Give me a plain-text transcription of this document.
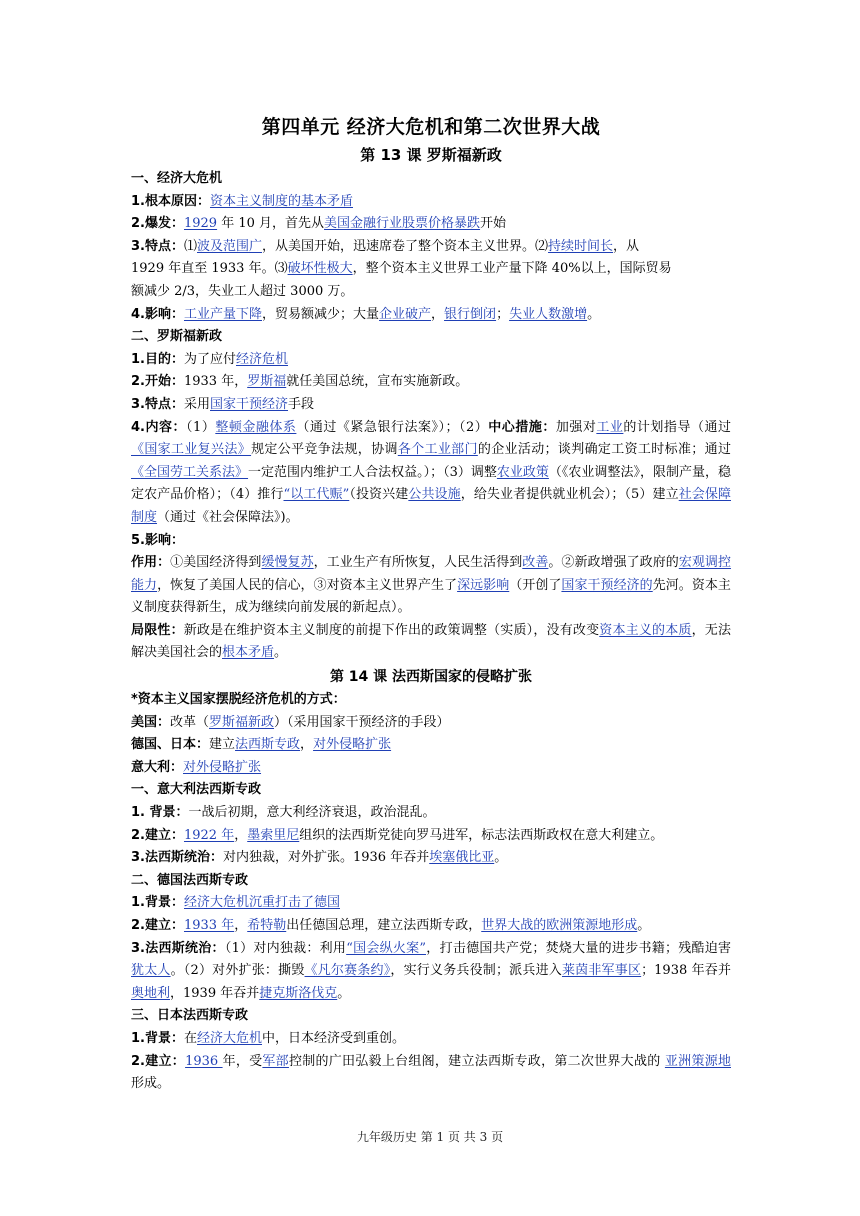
第四单元 经济大危机和第二次世界大战
第 13 课 罗斯福新政
一、经济大危机
1.根本原因：资本主义制度的基本矛盾
2.爆发：1929 年 10 月，首先从美国金融行业股票价格暴跌开始
3.特点：⑴波及范围广，从美国开始，迅速席卷了整个资本主义世界。⑵持续时间长，从
1929 年直至 1933 年。⑶破坏性极大，整个资本主义世界工业产量下降 40%以上，国际贸易
额减少 2/3，失业工人超过 3000 万。
4.影响：工业产量下降，贸易额减少；大量企业破产，银行倒闭；失业人数激增。
二、罗斯福新政
1.目的：为了应付经济危机
2.开始：1933 年，罗斯福就任美国总统，宣布实施新政。
3.特点：采用国家干预经济手段
4.内容：（1）整顿金融体系（通过《紧急银行法案》）；（2）中心措施：加强对工业的计划指导（通过《国家工业复兴法》规定公平竞争法规，协调各个工业部门的企业活动；谈判确定工资工时标准；通过《全国劳工关系法》一定范围内维护工人合法权益。）；（3）调整农业政策（《农业调整法》，限制产量，稳定农产品价格）；（4）推行“以工代赈”（投资兴建公共设施，给失业者提供就业机会）；（5）建立社会保障制度（通过《社会保障法》)。
5.影响：
作用：①美国经济得到缓慢复苏，工业生产有所恢复，人民生活得到改善。②新政增强了政府的宏观调控能力，恢复了美国人民的信心，③对资本主义世界产生了深远影响（开创了国家干预经济的先河。资本主义制度获得新生，成为继续向前发展的新起点）。
局限性：新政是在维护资本主义制度的前提下作出的政策调整（实质），没有改变资本主义的本质，无法解决美国社会的根本矛盾。
第 14 课 法西斯国家的侵略扩张
*资本主义国家摆脱经济危机的方式：
美国：改革（罗斯福新政）（采用国家干预经济的手段）
德国、日本：建立法西斯专政，对外侵略扩张
意大利：对外侵略扩张
一、意大利法西斯专政
1. 背景：一战后初期，意大利经济衰退，政治混乱。
2.建立：1922 年，墨索里尼组织的法西斯党徒向罗马进军，标志法西斯政权在意大利建立。
3.法西斯统治：对内独裁，对外扩张。1936 年吞并埃塞俄比亚。
二、德国法西斯专政
1.背景：经济大危机沉重打击了德国
2.建立：1933 年，希特勒出任德国总理，建立法西斯专政，世界大战的欧洲策源地形成。
3.法西斯统治：（1）对内独裁：利用“国会纵火案”，打击德国共产党；焚烧大量的进步书籍；残酷迫害犹太人。（2）对外扩张：撕毁《凡尔赛条约》，实行义务兵役制；派兵进入莱茵非军事区；1938 年吞并奥地利，1939 年吞并捷克斯洛伐克。
三、日本法西斯专政
1.背景：在经济大危机中，日本经济受到重创。
2.建立：1936 年，受军部控制的广田弘毅上台组阁，建立法西斯专政，第二次世界大战的 亚洲策源地形成。
九年级历史 第 1 页 共 3 页
